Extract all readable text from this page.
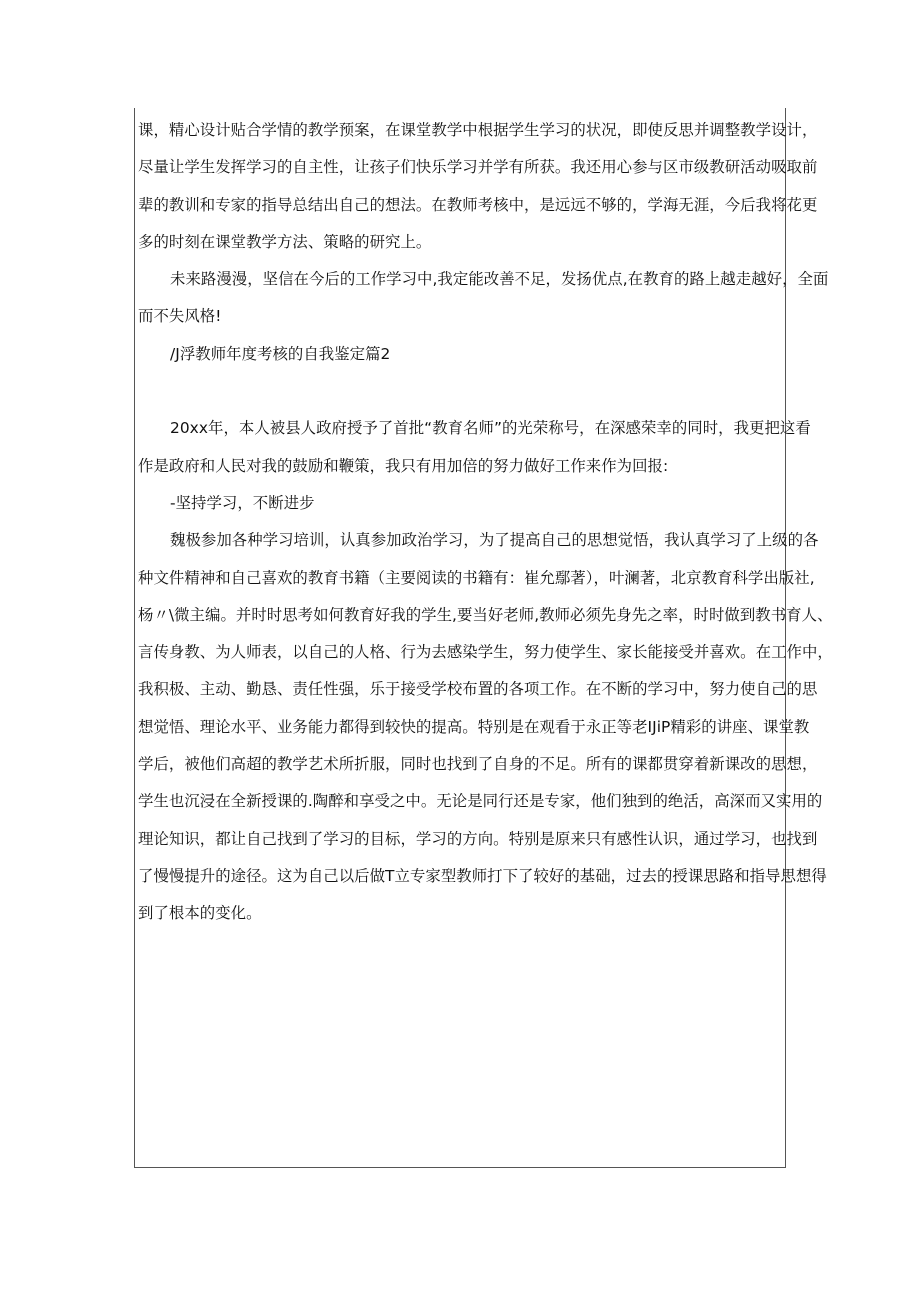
课，精心设计贴合学情的教学预案，在课堂教学中根据学生学习的状况，即使反思并调整教学设计，
尽量让学生发挥学习的自主性，让孩子们快乐学习并学有所获。我还用心参与区市级教研活动吸取前
辈的教训和专家的指导总结出自己的想法。在教师考核中，是远远不够的，学海无涯，今后我将花更
多的时刻在课堂教学方法、策略的研究上。
未来路漫漫，坚信在今后的工作学习中,我定能改善不足，发扬优点,在教育的路上越走越好，全面
而不失风格!
/J浮教师年度考核的自我鉴定篇2
20xx年，本人被县人政府授予了首批“教育名师”的光荣称号，在深感荣幸的同时，我更把这看
作是政府和人民对我的鼓励和鞭策，我只有用加倍的努力做好工作来作为回报:
-坚持学习，不断进步
魏极参加各种学习培训，认真参加政治学习，为了提高自己的思想觉悟，我认真学习了上级的各
种文件精神和自己喜欢的教育书籍（主要阅读的书籍有：崔允鄢著），叶澜著，北京教育科学出版社,
杨〃\微主编。并时时思考如何教育好我的学生,要当好老师,教师必须先身先之率，时时做到教书育人、
言传身教、为人师表，以自己的人格、行为去感染学生，努力使学生、家长能接受并喜欢。在工作中，
我积极、主动、勤恳、责任性强，乐于接受学校布置的各项工作。在不断的学习中，努力使自己的思
想觉悟、理论水平、业务能力都得到较快的提高。特别是在观看于永正等老IJiP精彩的讲座、课堂教
学后，被他们高超的教学艺术所折服，同时也找到了自身的不足。所有的课都贯穿着新课改的思想，
学生也沉浸在全新授课的.陶醉和享受之中。无论是同行还是专家，他们独到的绝活，高深而又实用的
理论知识，都让自己找到了学习的目标，学习的方向。特别是原来只有感性认识，通过学习，也找到
了慢慢提升的途径。这为自己以后做T立专家型教师打下了较好的基础，过去的授课思路和指导思想得
到了根本的变化。
